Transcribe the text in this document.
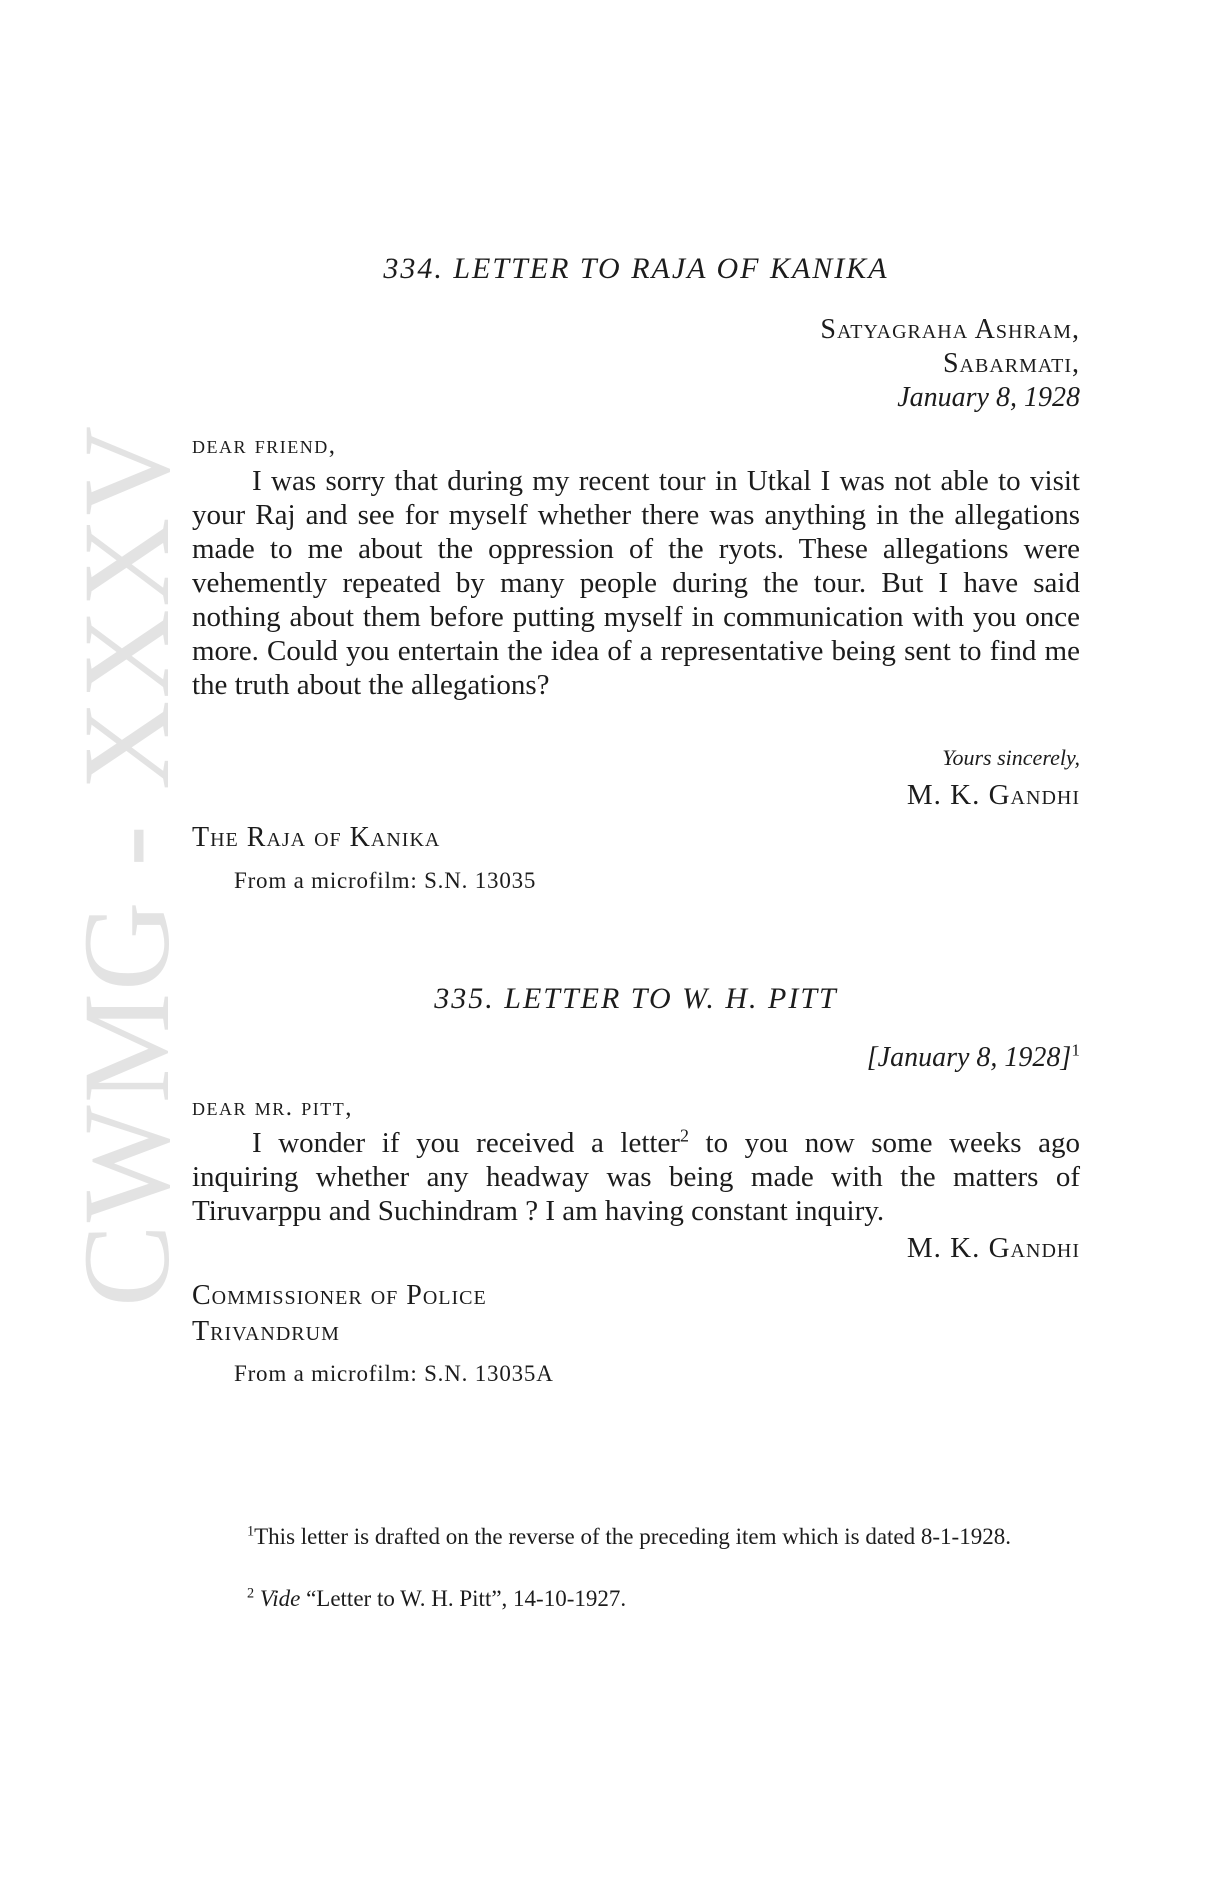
CWMG - XXXV
334. LETTER TO RAJA OF KANIKA
Satyagraha Ashram,
Sabarmati,
January 8, 1928
dear friend,

I was sorry that during my recent tour in Utkal I was not able to visit your Raj and see for myself whether there was anything in the allegations made to me about the oppression of the ryots. These allegations were vehemently repeated by many people during the tour. But I have said nothing about them before putting myself in communication with you once more. Could you entertain the idea of a representative being sent to find me the truth about the allegations?

Yours sincerely,
M. K. Gandhi
The Raja of Kanika
From a microfilm: S.N. 13035
335. LETTER TO W. H. PITT
[January 8, 1928]$^1$
dear mr. pitt,

I wonder if you received a letter$^2$ to you now some weeks ago inquiring whether any headway was being made with the matters of Tiruvarppu and Suchindram ? I am having constant inquiry.

M. K. Gandhi
Commissioner of Police
Trivandrum
From a microfilm: S.N. 13035A

$^1$This letter is drafted on the reverse of the preceding item which is dated 8-1-1928.

$^2$ Vide “Letter to W. H. Pitt”, 14-10-1927.
